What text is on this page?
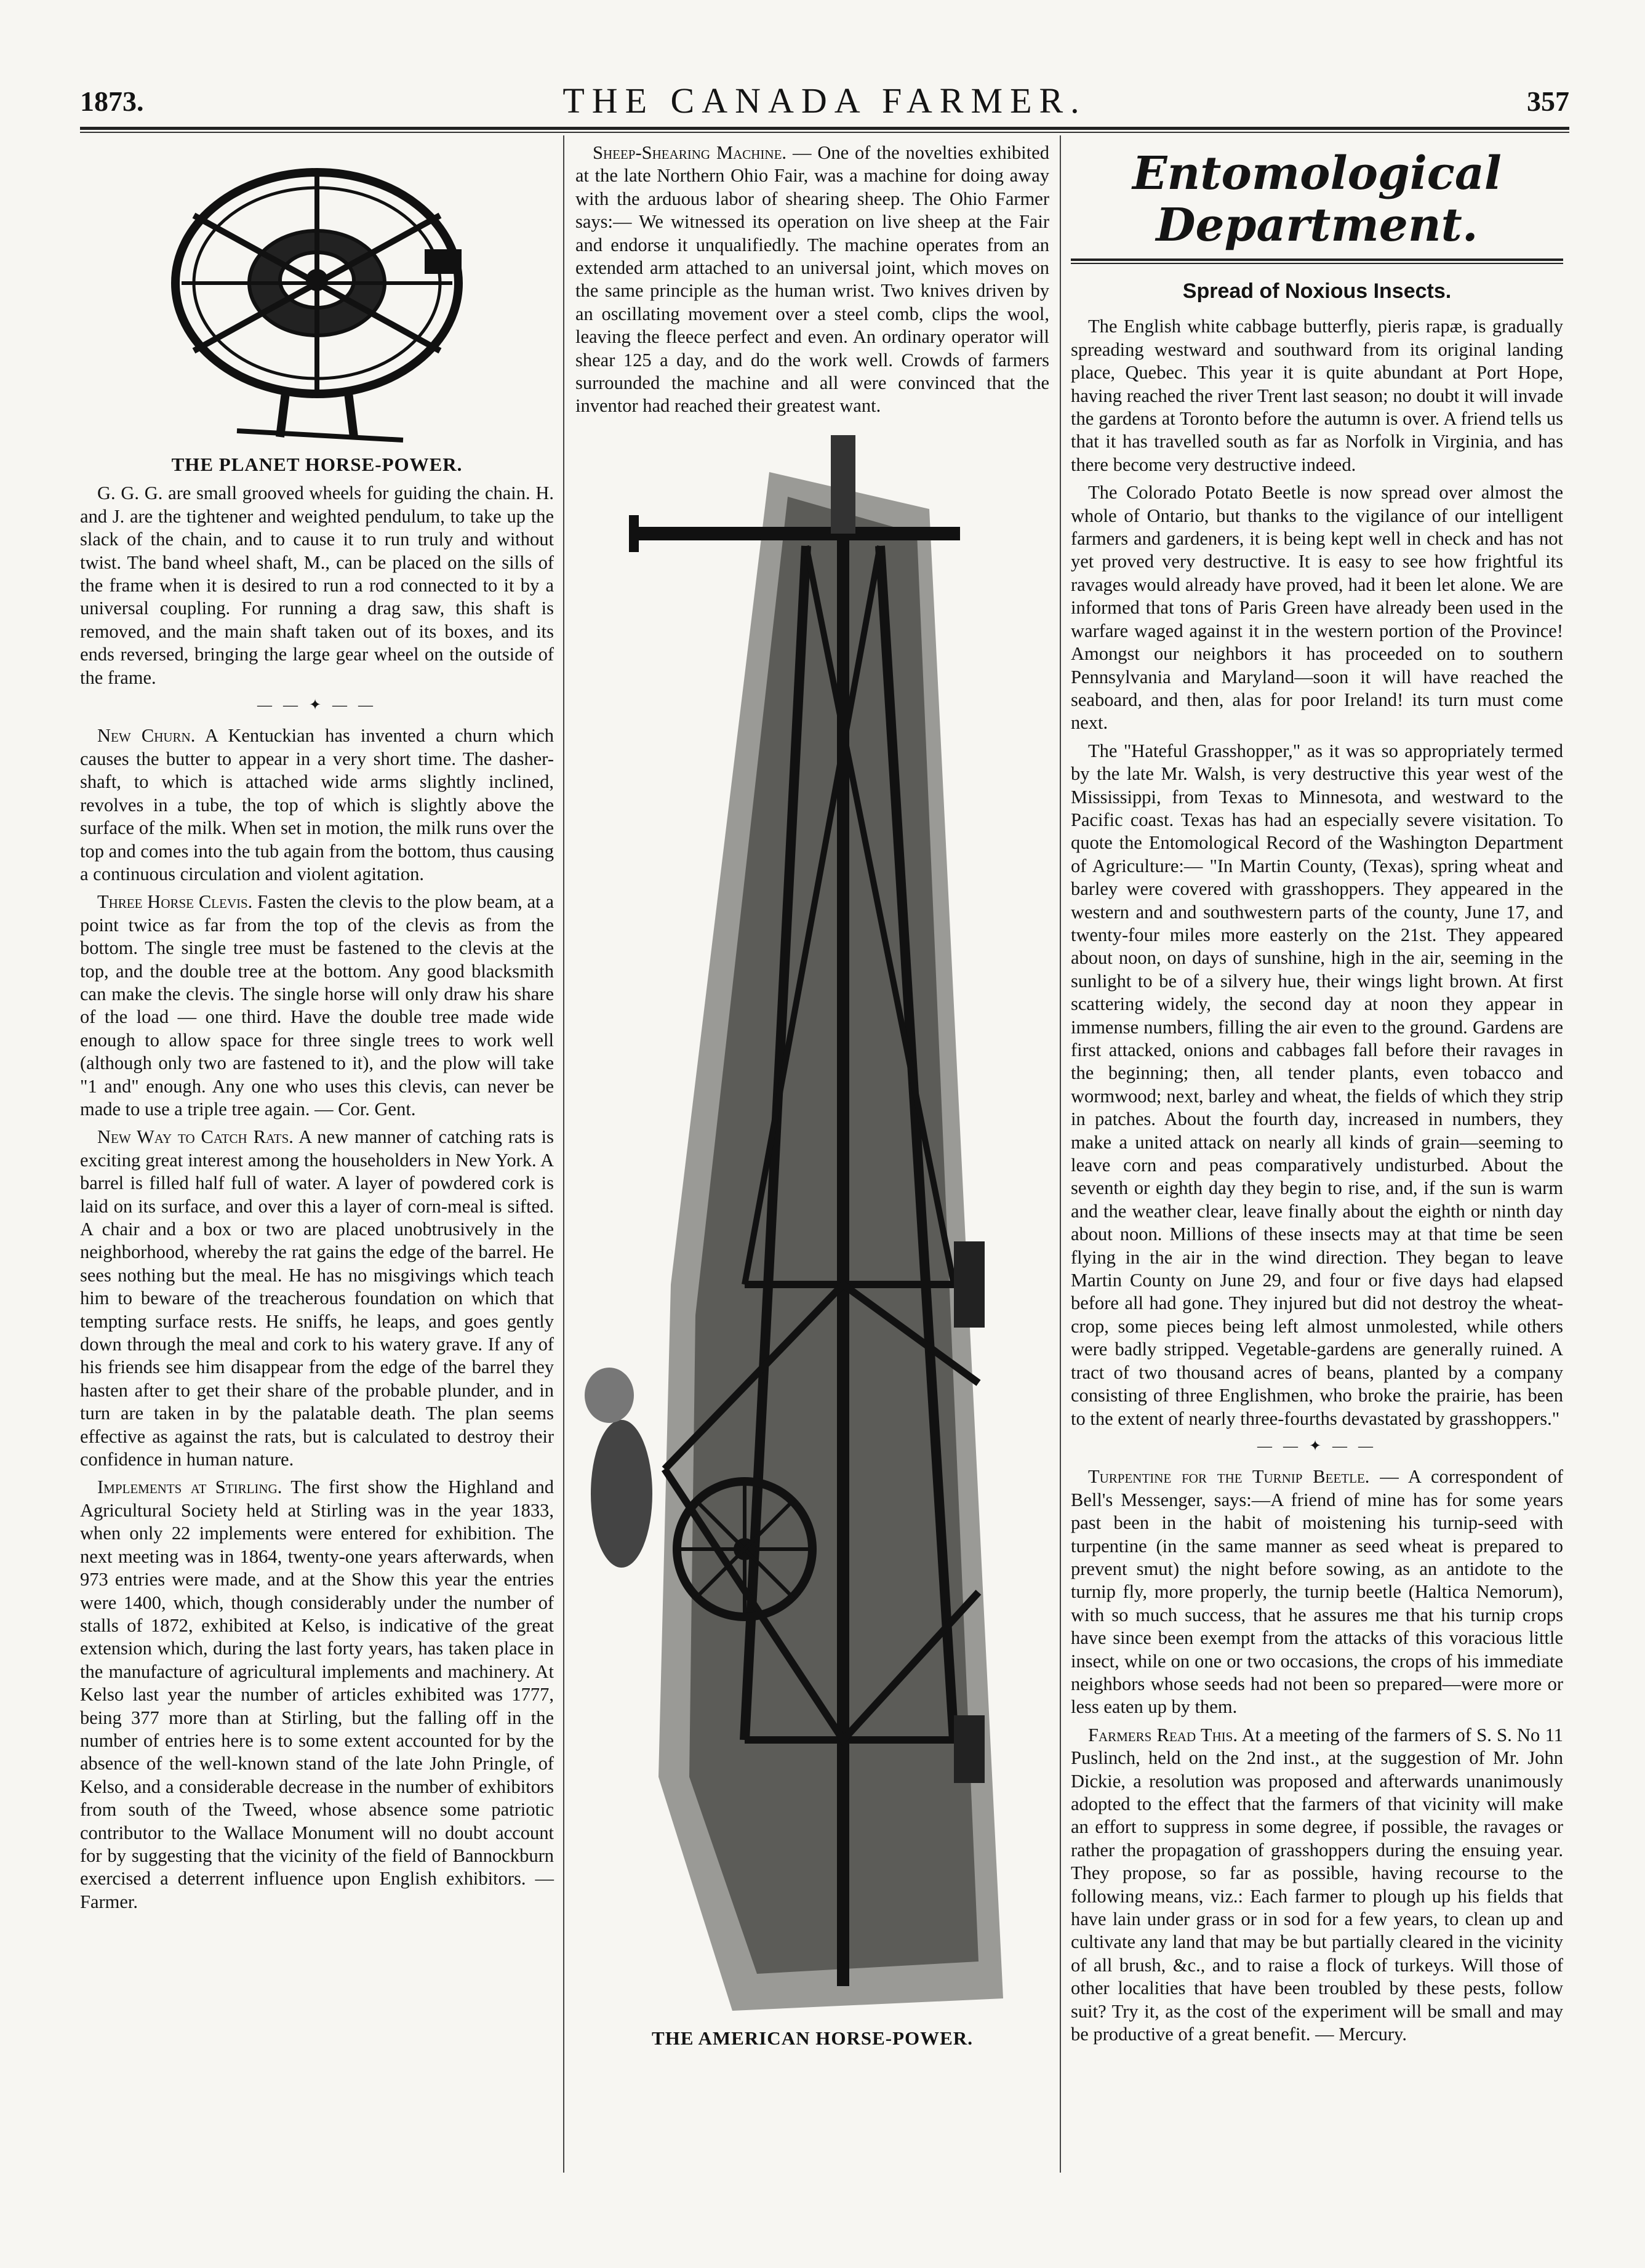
1873.	THE CANADA FARMER.	357
THE PLANET HORSE-POWER.

G. G. G. are small grooved wheels for guiding the chain. H. and J. are the tightener and weighted pendulum, to take up the slack of the chain, and to cause it to run truly and without twist. The band wheel shaft, M., can be placed on the sills of the frame when it is desired to run a rod connected to it by a universal coupling. For running a drag saw, this shaft is removed, and the main shaft taken out of its boxes, and its ends reversed, bringing the large gear wheel on the outside of the frame.

— — ✦ — —

New Churn. A Kentuckian has invented a churn which causes the butter to appear in a very short time. The dasher-shaft, to which is attached wide arms slightly inclined, revolves in a tube, the top of which is slightly above the surface of the milk. When set in motion, the milk runs over the top and comes into the tub again from the bottom, thus causing a continuous circulation and violent agitation.

Three Horse Clevis. Fasten the clevis to the plow beam, at a point twice as far from the top of the clevis as from the bottom. The single tree must be fastened to the clevis at the top, and the double tree at the bottom. Any good blacksmith can make the clevis. The single horse will only draw his share of the load — one third. Have the double tree made wide enough to allow space for three single trees to work well (although only two are fastened to it), and the plow will take "1 and" enough. Any one who uses this clevis, can never be made to use a triple tree again. — Cor. Gent.

New Way to Catch Rats. A new manner of catching rats is exciting great interest among the householders in New York. A barrel is filled half full of water. A layer of powdered cork is laid on its surface, and over this a layer of corn-meal is sifted. A chair and a box or two are placed unobtrusively in the neighborhood, whereby the rat gains the edge of the barrel. He sees nothing but the meal. He has no misgivings which teach him to beware of the treacherous foundation on which that tempting surface rests. He sniffs, he leaps, and goes gently down through the meal and cork to his watery grave. If any of his friends see him disappear from the edge of the barrel they hasten after to get their share of the probable plunder, and in turn are taken in by the palatable death. The plan seems effective as against the rats, but is calculated to destroy their confidence in human nature.

Implements at Stirling. The first show the Highland and Agricultural Society held at Stirling was in the year 1833, when only 22 implements were entered for exhibition. The next meeting was in 1864, twenty-one years afterwards, when 973 entries were made, and at the Show this year the entries were 1400, which, though considerably under the number of stalls of 1872, exhibited at Kelso, is indicative of the great extension which, during the last forty years, has taken place in the manufacture of agricultural implements and machinery. At Kelso last year the number of articles exhibited was 1777, being 377 more than at Stirling, but the falling off in the number of entries here is to some extent accounted for by the absence of the well-known stand of the late John Pringle, of Kelso, and a considerable decrease in the number of exhibitors from south of the Tweed, whose absence some patriotic contributor to the Wallace Monument will no doubt account for by suggesting that the vicinity of the field of Bannockburn exercised a deterrent influence upon English exhibitors. — Farmer.

Sheep-Shearing Machine. — One of the novelties exhibited at the late Northern Ohio Fair, was a machine for doing away with the arduous labor of shearing sheep. The Ohio Farmer says:— We witnessed its operation on live sheep at the Fair and endorse it unqualifiedly. The machine operates from an extended arm attached to an universal joint, which moves on the same principle as the human wrist. Two knives driven by an oscillating movement over a steel comb, clips the wool, leaving the fleece perfect and even. An ordinary operator will shear 125 a day, and do the work well. Crowds of farmers surrounded the machine and all were convinced that the inventor had reached their greatest want.

THE AMERICAN HORSE-POWER.
Entomological Department.
Spread of Noxious Insects.

The English white cabbage butterfly, pieris rapæ, is gradually spreading westward and southward from its original landing place, Quebec. This year it is quite abundant at Port Hope, having reached the river Trent last season; no doubt it will invade the gardens at Toronto before the autumn is over. A friend tells us that it has travelled south as far as Norfolk in Virginia, and has there become very destructive indeed.

The Colorado Potato Beetle is now spread over almost the whole of Ontario, but thanks to the vigilance of our intelligent farmers and gardeners, it is being kept well in check and has not yet proved very destructive. It is easy to see how frightful its ravages would already have proved, had it been let alone. We are informed that tons of Paris Green have already been used in the warfare waged against it in the western portion of the Province! Amongst our neighbors it has proceeded on to southern Pennsylvania and Maryland—soon it will have reached the seaboard, and then, alas for poor Ireland! its turn must come next.

The "Hateful Grasshopper," as it was so appropriately termed by the late Mr. Walsh, is very destructive this year west of the Mississippi, from Texas to Minnesota, and westward to the Pacific coast. Texas has had an especially severe visitation. To quote the Entomological Record of the Washington Department of Agriculture:— "In Martin County, (Texas), spring wheat and barley were covered with grasshoppers. They appeared in the western and and southwestern parts of the county, June 17, and twenty-four miles more easterly on the 21st. They appeared about noon, on days of sunshine, high in the air, seeming in the sunlight to be of a silvery hue, their wings light brown. At first scattering widely, the second day at noon they appear in immense numbers, filling the air even to the ground. Gardens are first attacked, onions and cabbages fall before their ravages in the beginning; then, all tender plants, even tobacco and wormwood; next, barley and wheat, the fields of which they strip in patches. About the fourth day, increased in numbers, they make a united attack on nearly all kinds of grain—seeming to leave corn and peas comparatively undisturbed. About the seventh or eighth day they begin to rise, and, if the sun is warm and the weather clear, leave finally about the eighth or ninth day about noon. Millions of these insects may at that time be seen flying in the air in the wind direction. They began to leave Martin County on June 29, and four or five days had elapsed before all had gone. They injured but did not destroy the wheat-crop, some pieces being left almost unmolested, while others were badly stripped. Vegetable-gardens are generally ruined. A tract of two thousand acres of beans, planted by a company consisting of three Englishmen, who broke the prairie, has been to the extent of nearly three-fourths devastated by grasshoppers."

— — ✦ — —

Turpentine for the Turnip Beetle. — A correspondent of Bell's Messenger, says:—A friend of mine has for some years past been in the habit of moistening his turnip-seed with turpentine (in the same manner as seed wheat is prepared to prevent smut) the night before sowing, as an antidote to the turnip fly, more properly, the turnip beetle (Haltica Nemorum), with so much success, that he assures me that his turnip crops have since been exempt from the attacks of this voracious little insect, while on one or two occasions, the crops of his immediate neighbors whose seeds had not been so prepared—were more or less eaten up by them.

Farmers Read This. At a meeting of the farmers of S. S. No 11 Puslinch, held on the 2nd inst., at the suggestion of Mr. John Dickie, a resolution was proposed and afterwards unanimously adopted to the effect that the farmers of that vicinity will make an effort to suppress in some degree, if possible, the ravages or rather the propagation of grasshoppers during the ensuing year. They propose, so far as possible, having recourse to the following means, viz.: Each farmer to plough up his fields that have lain under grass or in sod for a few years, to clean up and cultivate any land that may be but partially cleared in the vicinity of all brush, &c., and to raise a flock of turkeys. Will those of other localities that have been troubled by these pests, follow suit? Try it, as the cost of the experiment will be small and may be productive of a great benefit. — Mercury.
